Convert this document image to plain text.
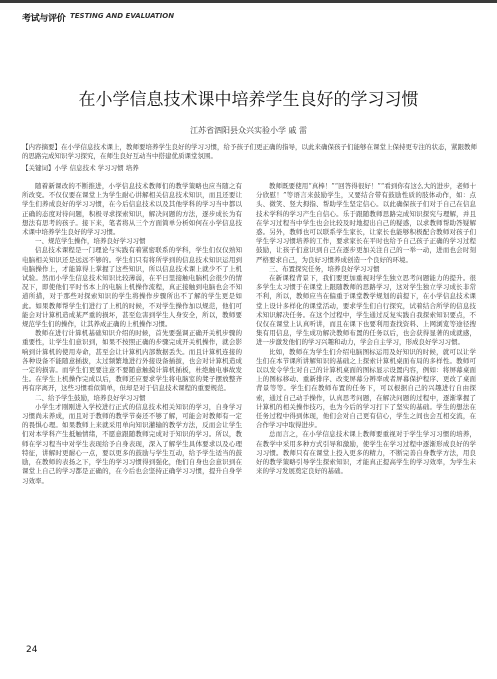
考试与评价 TESTING AND EVALUATION
在小学信息技术课中培养学生良好的学习习惯
江苏省泗阳县众兴实验小学 戚 雷
【内容摘要】在小学信息技术课上，教师要培养学生良好的学习习惯，给予孩子们更正确的指导，以此来确保孩子们能够在课堂上保持更专注的状态，紧跟教师的思路完成知识学习探究，在师生良好互动当中搭建优质课堂氛围。
【关键词】小学 信息技术 学习习惯 培养

随着新课改的不断推进，小学信息技术教师们的教学策略也应当随之有所改变。不仅仅要在课堂上为学生耐心讲解相关信息技术知识，而且还要让学生们养成良好的学习习惯，在今后信息技术以及其他学科的学习当中都以正确的态度对待问题，积极寻求探索知识，解决问题的方法，逐步成长为有想法有思考的孩子。接下来，笔者将从三个方面简单分析如何在小学信息技术课中培养学生良好的学习习惯。

一、规范学生操作，培养良好学习习惯

信息技术课程是一门理论与实践有着紧密联系的学科，学生们仅仅熟知电脑相关知识还是远远不够的。学生们只有将所学到的信息技术知识运用到电脑操作上，才能算得上掌握了这些知识，所以信息技术课上就少不了上机试验。然而小学生信息技术知识比较薄弱，在平日里接触电脑机会很少的情况下，即使他们平时书本上的电脑上机操作流程，真正接触到电脑也会不知道所措，对于那些对探索知识的学生将操作步骤所出不了解的学生更是如此。如果教师帮学生们进行了上机的时候，不对学生操作加以规范，他们可能会对计算机造成某严重的损坏，甚至危害到学生人身安全，所以，教师要规范学生们的操作，让其养成正确的上机操作习惯。

教师在进行计算机基础知识介绍的时候，首先要强调正确开关机步骤的重要性，让学生们意识到，如果不按照正确的步骤完成开关机操作，就会影响到计算机的使用寿命，甚至会让计算机内部数据丢失。而且计算机连接的各种设备不能随意插拔，太过频繁地进行外接设备插拔，也会对计算机造成一定的损害。而学生们更要注意不要随意触摸计算机插板，杜绝触电事故发生。在学生上机操作完成以后，教师还应要求学生将电脑室的凳子摆放整齐再有序离开，这些习惯看似简单，但却是对于信息技术课程的重要规范。

二、给予学生鼓励，培养良好学习习惯

小学生才刚刚进入学校进行正式的信息技术相关知识的学习，自身学习习惯尚未养成，而且对于教师的教学节奏还不够了解，可能会对教师有一定的畏惧心理。如果教师上来就采用单向知识灌输的教学方法，反而会让学生们对本学科产生抵触情绪，不愿意跟随教师完成对于知识的学习。所以，教师在学习程当中对学生表现给予自身表现，深入了解学生具体要求以及心理特征，讲解时更耐心一点，要以更多的鼓励与学生互动，给予学生适当的鼓励，在教师的表扬之下，学生的学习习惯得到强化，他们自身也会意识到在课堂上自己的学习都是正确的，在今后也会坚持正确学习习惯，提升自身学习效率。

教师既要使用“真棒！”“回答得很好！”“看到你有这么大的进步，老师十分欣慰！”等语言来鼓励学生，又要结合带有鼓励性质的肢体动作，如：点头、微笑、竖大拇指、帮助学生坚定信心。以此确保孩子们对于自己在信息技术学科的学习产生自信心。乐于跟随教师思路完成知识探究与理解，并且在学习过程当中学生也会比较及时地提出自己的疑惑，以求教师帮助答疑解惑。另外，教师也可以联系学生家长，让家长也能够积极配合教师对孩子们学生学习习惯培养的工作，要求家长在平时也给予自己孩子正确的学习过程鼓励，让孩子们意识到自己在逐步更加关注自己的一举一动，进而也会时刻严格要求自己，为良好习惯养成创造一个良好的环境。

三、布置探究任务，培养良好学习习惯

在新课程背景下，我们要更加重视对学生独立思考问题能力的提升。很多学生太习惯于在课堂上跟随教师的思路学习，这对学生独立学习成长非常不利，所以，教师应当在偏重于课堂教学规划的前提下，在小学信息技术课堂上设计多样化的课堂活动，要求学生们自行探究，试着结合所学的信息技术知识解决任务。在这个过程中，学生通过反复实践自我探索知识要点，不仅仅在课堂上认真听讲，而且在课下也要利用查找资料、上网浏览等途径搜集有用信息，学生成功解决教师布置的任务以后，也会获得显著的成就感，进一步激发他们的学习兴趣和动力，学会自主学习，形成良好学习习惯。

比如，教师在为学生们介绍电脑图标运用及好知识的时候，就可以让学生们在本节课所讲解知识的基础之上探索计算机桌面布局的多样性。教师可以以发令学生对自己的计算机桌面的图标显示设置内容，例如：将屏幕桌面上的图标移动、重新排序、改变屏幕分辨率或者屏幕保护程序、更改了桌面背景等等。学生们在教师布置的任务下，可以根据自己的兴趣进行自由探索，通过自己动手操作，认真思考问题，在解决问题的过程中，逐渐掌握了计算机的相关操作技巧，也为今后的学习打下了坚实的基础。学生的想法在任务过程中得到体现，他们会对自己更有信心，学生之间也会互相交流，在合作学习中取得进步。

总而言之，在小学信息技术课上教师要重视对于学生学习习惯的培养，在教学中采用多种方式引导和激励，使学生在学习过程中逐渐形成良好的学习习惯。教师只有在课堂上投入更多的精力，不断完善自身教学方法，用良好的教学策略引导学生探索知识，才能真正提高学生的学习效率，为学生未来的学习发展奠定良好的基础。

24
